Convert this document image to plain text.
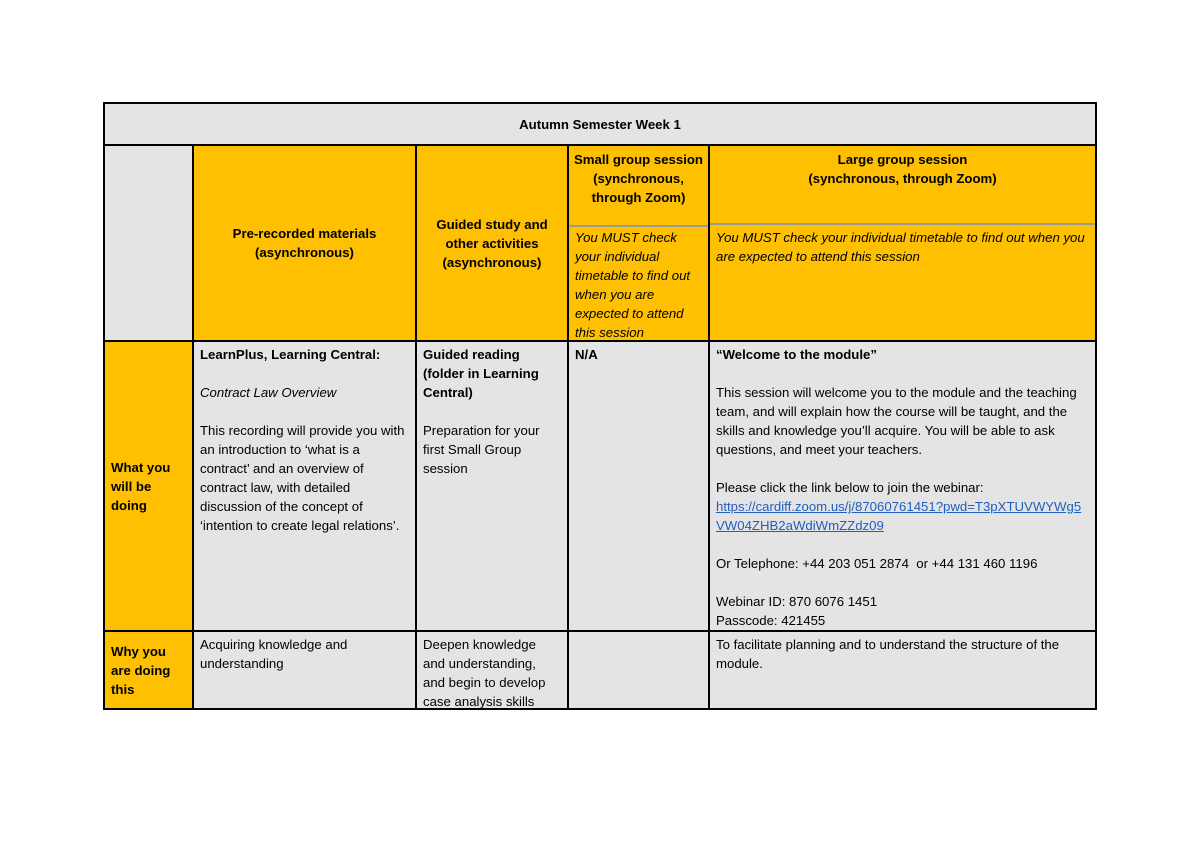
Autumn Semester Week 1
Pre-recorded materials
(asynchronous)
Guided study and other activities
(asynchronous)
Small group session
(synchronous, through Zoom)
You MUST check your individual timetable to find out when you are expected to attend this session
Large group session
(synchronous, through Zoom)
You MUST check your individual timetable to find out when you are expected to attend this session
What you will be doing

LearnPlus, Learning Central:

Contract Law Overview

This recording will provide you with an introduction to ‘what is a contract’ and an overview of contract law, with detailed discussion of the concept of ‘intention to create legal relations’.

Guided reading (folder in Learning Central)

Preparation for your first Small Group session

N/A	“Welcome to the module”

This session will welcome you to the module and the teaching team, and will explain how the course will be taught, and the skills and knowledge you’ll acquire. You will be able to ask questions, and meet your teachers.

Please click the link below to join the webinar:

https://cardiff.zoom.us/j/87060761451?pwd=T3pXTUVWYWg5VW04ZHB2aWdiWmZZdz09

Or Telephone: +44 203 051 2874  or +44 131 460 1196

Webinar ID: 870 6076 1451

Passcode: 421455

Why you are doing this
Acquiring knowledge and understanding
Deepen knowledge and understanding, and begin to develop case analysis skills
To facilitate planning and to understand the structure of the module.
